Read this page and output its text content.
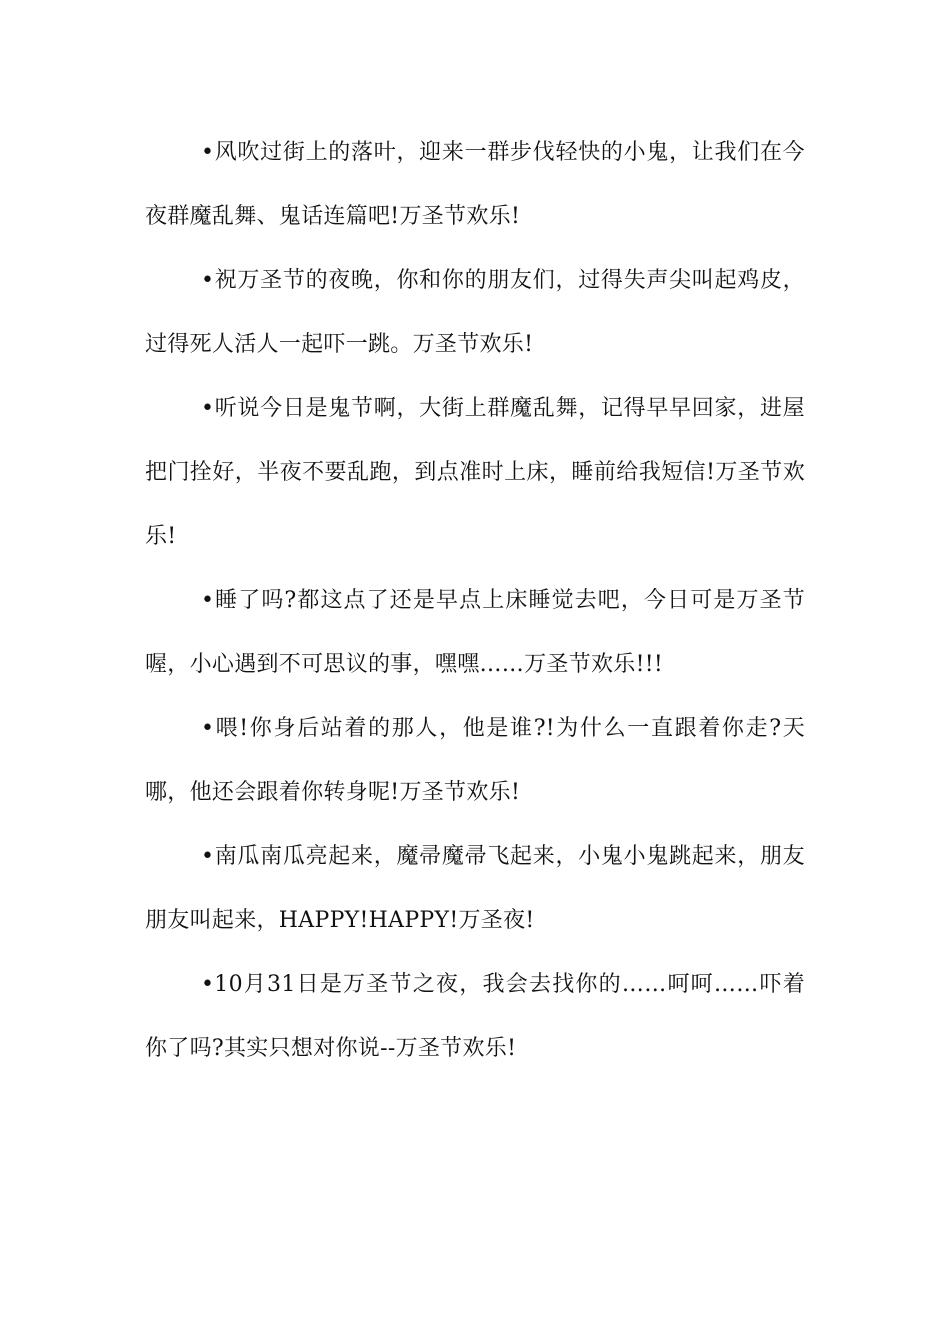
•风吹过街上的落叶，迎来一群步伐轻快的小鬼，让我们在今夜群魔乱舞、鬼话连篇吧!万圣节欢乐!

•祝万圣节的夜晚，你和你的朋友们，过得失声尖叫起鸡皮，过得死人活人一起吓一跳。万圣节欢乐!

•听说今日是鬼节啊，大街上群魔乱舞，记得早早回家，进屋把门拴好，半夜不要乱跑，到点准时上床，睡前给我短信!万圣节欢乐!

•睡了吗?都这点了还是早点上床睡觉去吧，今日可是万圣节喔，小心遇到不可思议的事，嘿嘿……万圣节欢乐!!!

•喂!你身后站着的那人，他是谁?!为什么一直跟着你走?天哪，他还会跟着你转身呢!万圣节欢乐!

•南瓜南瓜亮起来，魔帚魔帚飞起来，小鬼小鬼跳起来，朋友朋友叫起来，HAPPY!HAPPY!万圣夜!

•10月31日是万圣节之夜，我会去找你的……呵呵……吓着你了吗?其实只想对你说--万圣节欢乐!
